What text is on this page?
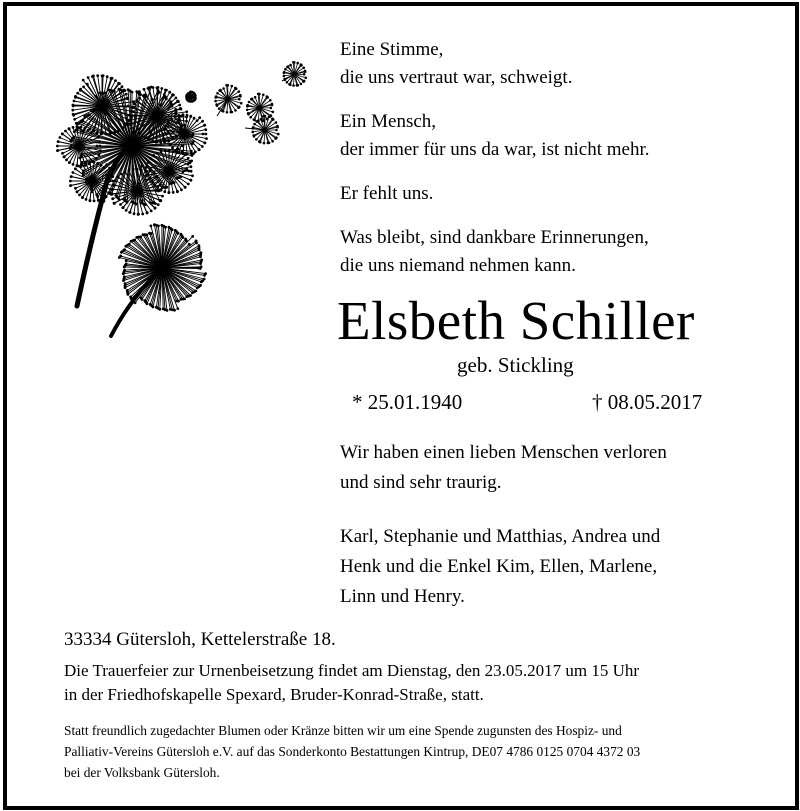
Eine Stimme,
die uns vertraut war, schweigt.

Ein Mensch,
der immer für uns da war, ist nicht mehr.

Er fehlt uns.

Was bleibt, sind dankbare Erinnerungen,
die uns niemand nehmen kann.

Elsbeth Schiller
geb. Stickling
* 25.01.1940	† 08.05.2017
Wir haben einen lieben Menschen verloren
und sind sehr traurig.
Karl, Stephanie und Matthias, Andrea und
Henk und die Enkel Kim, Ellen, Marlene,
Linn und Henry.
33334 Gütersloh, Kettelerstraße 18.
Die Trauerfeier zur Urnenbeisetzung findet am Dienstag, den 23.05.2017 um 15 Uhr
in der Friedhofskapelle Spexard, Bruder-Konrad-Straße, statt.
Statt freundlich zugedachter Blumen oder Kränze bitten wir um eine Spende zugunsten des Hospiz- und
Palliativ-Vereins Gütersloh e.V. auf das Sonderkonto Bestattungen Kintrup, DE07 4786 0125 0704 4372 03
bei der Volksbank Gütersloh.
